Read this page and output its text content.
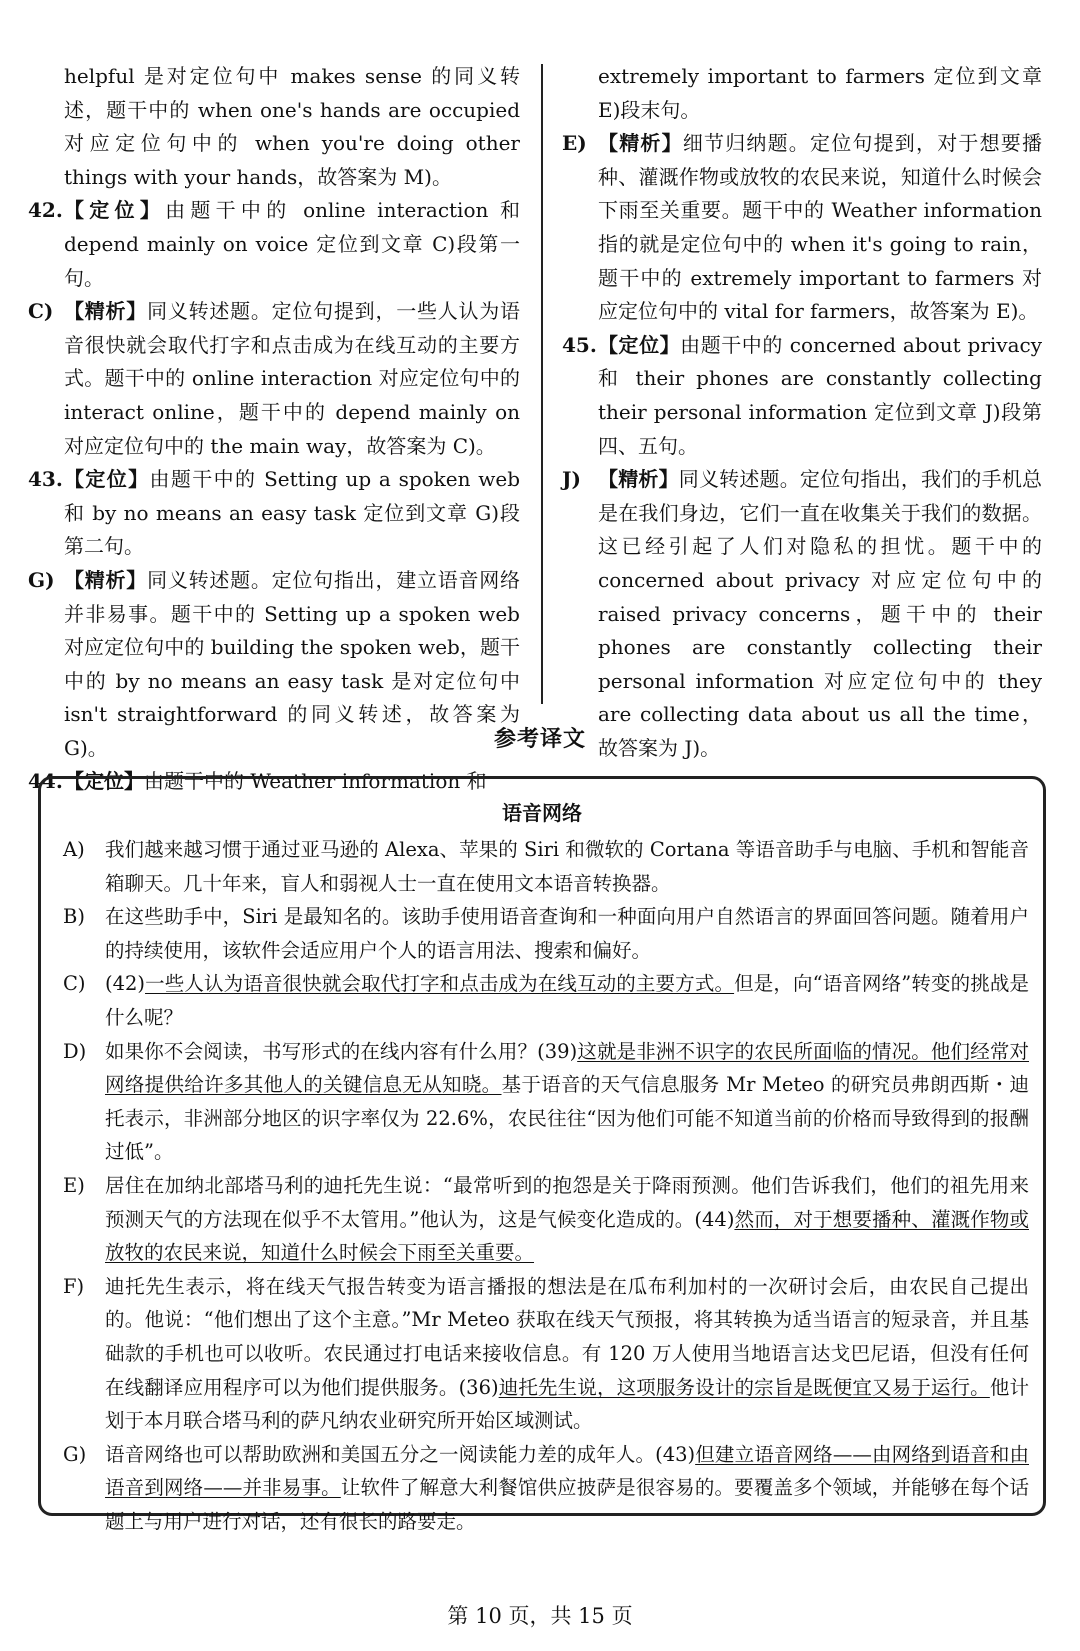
helpful 是对定位句中 makes sense 的同义转述，题干中的 when one's hands are occupied 对应定位句中的 when you're doing other things with your hands，故答案为 M)。
42. 【定位】由题干中的 online interaction 和 depend mainly on voice 定位到文章 C)段第一句。
C) 【精析】同义转述题。定位句提到，一些人认为语音很快就会取代打字和点击成为在线互动的主要方式。题干中的 online interaction 对应定位句中的 interact online，题干中的 depend mainly on 对应定位句中的 the main way，故答案为 C)。
43. 【定位】由题干中的 Setting up a spoken web 和 by no means an easy task 定位到文章 G)段第二句。
G) 【精析】同义转述题。定位句指出，建立语音网络并非易事。题干中的 Setting up a spoken web 对应定位句中的 building the spoken web，题干中的 by no means an easy task 是对定位句中 isn't straightforward 的同义转述，故答案为 G)。
44. 【定位】由题干中的 Weather information 和
extremely important to farmers 定位到文章 E)段末句。
E) 【精析】细节归纳题。定位句提到，对于想要播种、灌溉作物或放牧的农民来说，知道什么时候会下雨至关重要。题干中的 Weather information 指的就是定位句中的 when it's going to rain，题干中的 extremely important to farmers 对应定位句中的 vital for farmers，故答案为 E)。
45. 【定位】由题干中的 concerned about privacy 和 their phones are constantly collecting their personal information 定位到文章 J)段第四、五句。
J) 【精析】同义转述题。定位句指出，我们的手机总是在我们身边，它们一直在收集关于我们的数据。这已经引起了人们对隐私的担忧。题干中的 concerned about privacy 对应定位句中的 raised privacy concerns，题干中的 their phones are constantly collecting their personal information 对应定位句中的 they are collecting data about us all the time，故答案为 J)。
参考译文
语音网络
A) 我们越来越习惯于通过亚马逊的 Alexa、苹果的 Siri 和微软的 Cortana 等语音助手与电脑、手机和智能音箱聊天。几十年来，盲人和弱视人士一直在使用文本语音转换器。
B) 在这些助手中，Siri 是最知名的。该助手使用语音查询和一种面向用户自然语言的界面回答问题。随着用户的持续使用，该软件会适应用户个人的语言用法、搜索和偏好。
C) (42)一些人认为语音很快就会取代打字和点击成为在线互动的主要方式。但是，向“语音网络”转变的挑战是什么呢？
D) 如果你不会阅读，书写形式的在线内容有什么用？(39)这就是非洲不识字的农民所面临的情况。他们经常对网络提供给许多其他人的关键信息无从知晓。基于语音的天气信息服务 Mr Meteo 的研究员弗朗西斯・迪托表示，非洲部分地区的识字率仅为 22.6%，农民往往“因为他们可能不知道当前的价格而导致得到的报酬过低”。
E) 居住在加纳北部塔马利的迪托先生说：“最常听到的抱怨是关于降雨预测。他们告诉我们，他们的祖先用来预测天气的方法现在似乎不太管用。”他认为，这是气候变化造成的。(44)然而，对于想要播种、灌溉作物或放牧的农民来说，知道什么时候会下雨至关重要。
F) 迪托先生表示，将在线天气报告转变为语言播报的想法是在瓜布利加村的一次研讨会后，由农民自己提出的。他说：“他们想出了这个主意。”Mr Meteo 获取在线天气预报，将其转换为适当语言的短录音，并且基础款的手机也可以收听。农民通过打电话来接收信息。有 120 万人使用当地语言达戈巴尼语，但没有任何在线翻译应用程序可以为他们提供服务。(36)迪托先生说，这项服务设计的宗旨是既便宜又易于运行。他计划于本月联合塔马利的萨凡纳农业研究所开始区域测试。
G) 语音网络也可以帮助欧洲和美国五分之一阅读能力差的成年人。(43)但建立语音网络——由网络到语音和由语音到网络——并非易事。让软件了解意大利餐馆供应披萨是很容易的。要覆盖多个领域，并能够在每个话题上与用户进行对话，还有很长的路要走。
第 10 页，共 15 页
